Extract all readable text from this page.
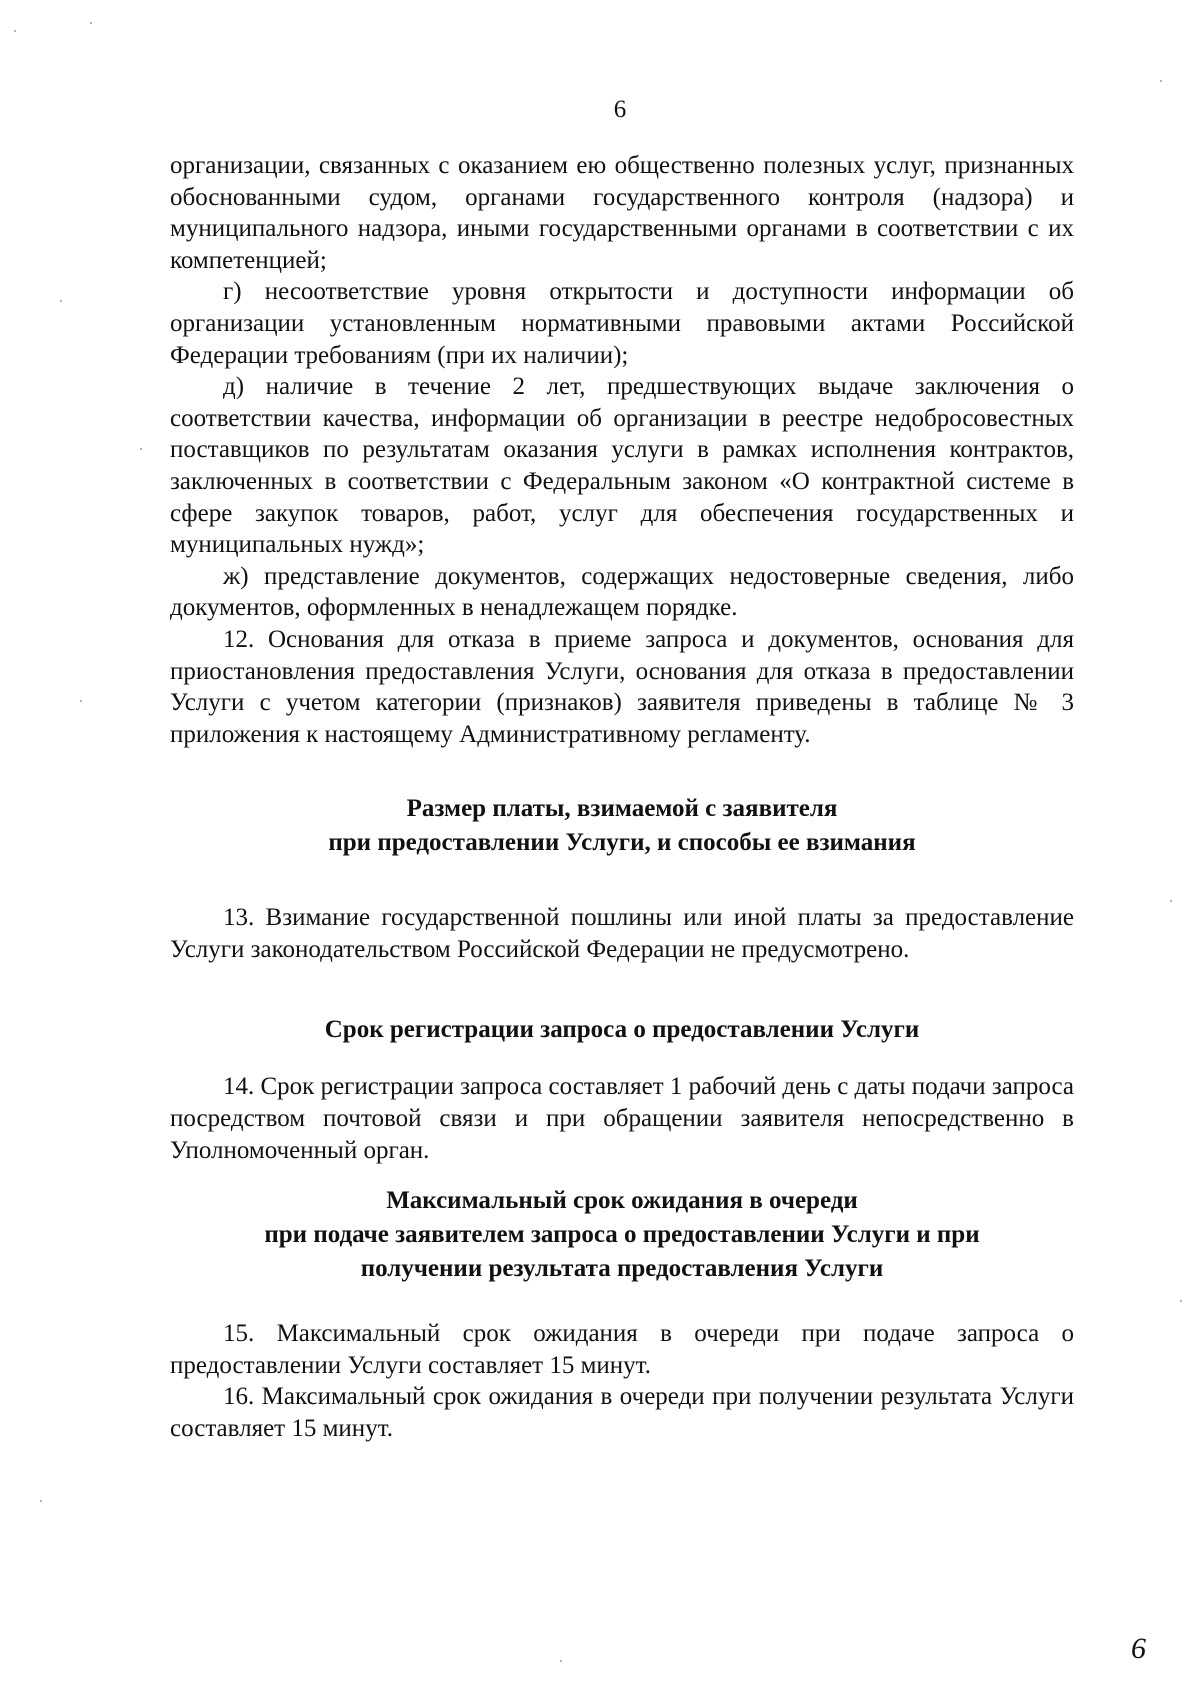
6

организации, связанных с оказанием ею общественно полезных услуг, признанных обоснованными судом, органами государственного контроля (надзора) и муниципального надзора, иными государственными органами в соответствии с их компетенцией;

г) несоответствие уровня открытости и доступности информации об организации установленным нормативными правовыми актами Российской Федерации требованиям (при их наличии);

д) наличие в течение 2 лет, предшествующих выдаче заключения о соответствии качества, информации об организации в реестре недобросовестных поставщиков по результатам оказания услуги в рамках исполнения контрактов, заключенных в соответствии с Федеральным законом «О контрактной системе в сфере закупок товаров, работ, услуг для обеспечения государственных и муниципальных нужд»;

ж) представление документов, содержащих недостоверные сведения, либо документов, оформленных в ненадлежащем порядке.

12. Основания для отказа в приеме запроса и документов, основания для приостановления предоставления Услуги, основания для отказа в предоставлении Услуги с учетом категории (признаков) заявителя приведены в таблице № 3 приложения к настоящему Административному регламенту.

Размер платы, взимаемой с заявителя
при предоставлении Услуги, и способы ее взимания

13. Взимание государственной пошлины или иной платы за предоставление Услуги законодательством Российской Федерации не предусмотрено.

Срок регистрации запроса о предоставлении Услуги

14. Срок регистрации запроса составляет 1 рабочий день с даты подачи запроса посредством почтовой связи и при обращении заявителя непосредственно в Уполномоченный орган.

Максимальный срок ожидания в очереди
при подаче заявителем запроса о предоставлении Услуги и при
получении результата предоставления Услуги

15. Максимальный срок ожидания в очереди при подаче запроса о предоставлении Услуги составляет 15 минут.

16. Максимальный срок ожидания в очереди при получении результата Услуги составляет 15 минут.

6
